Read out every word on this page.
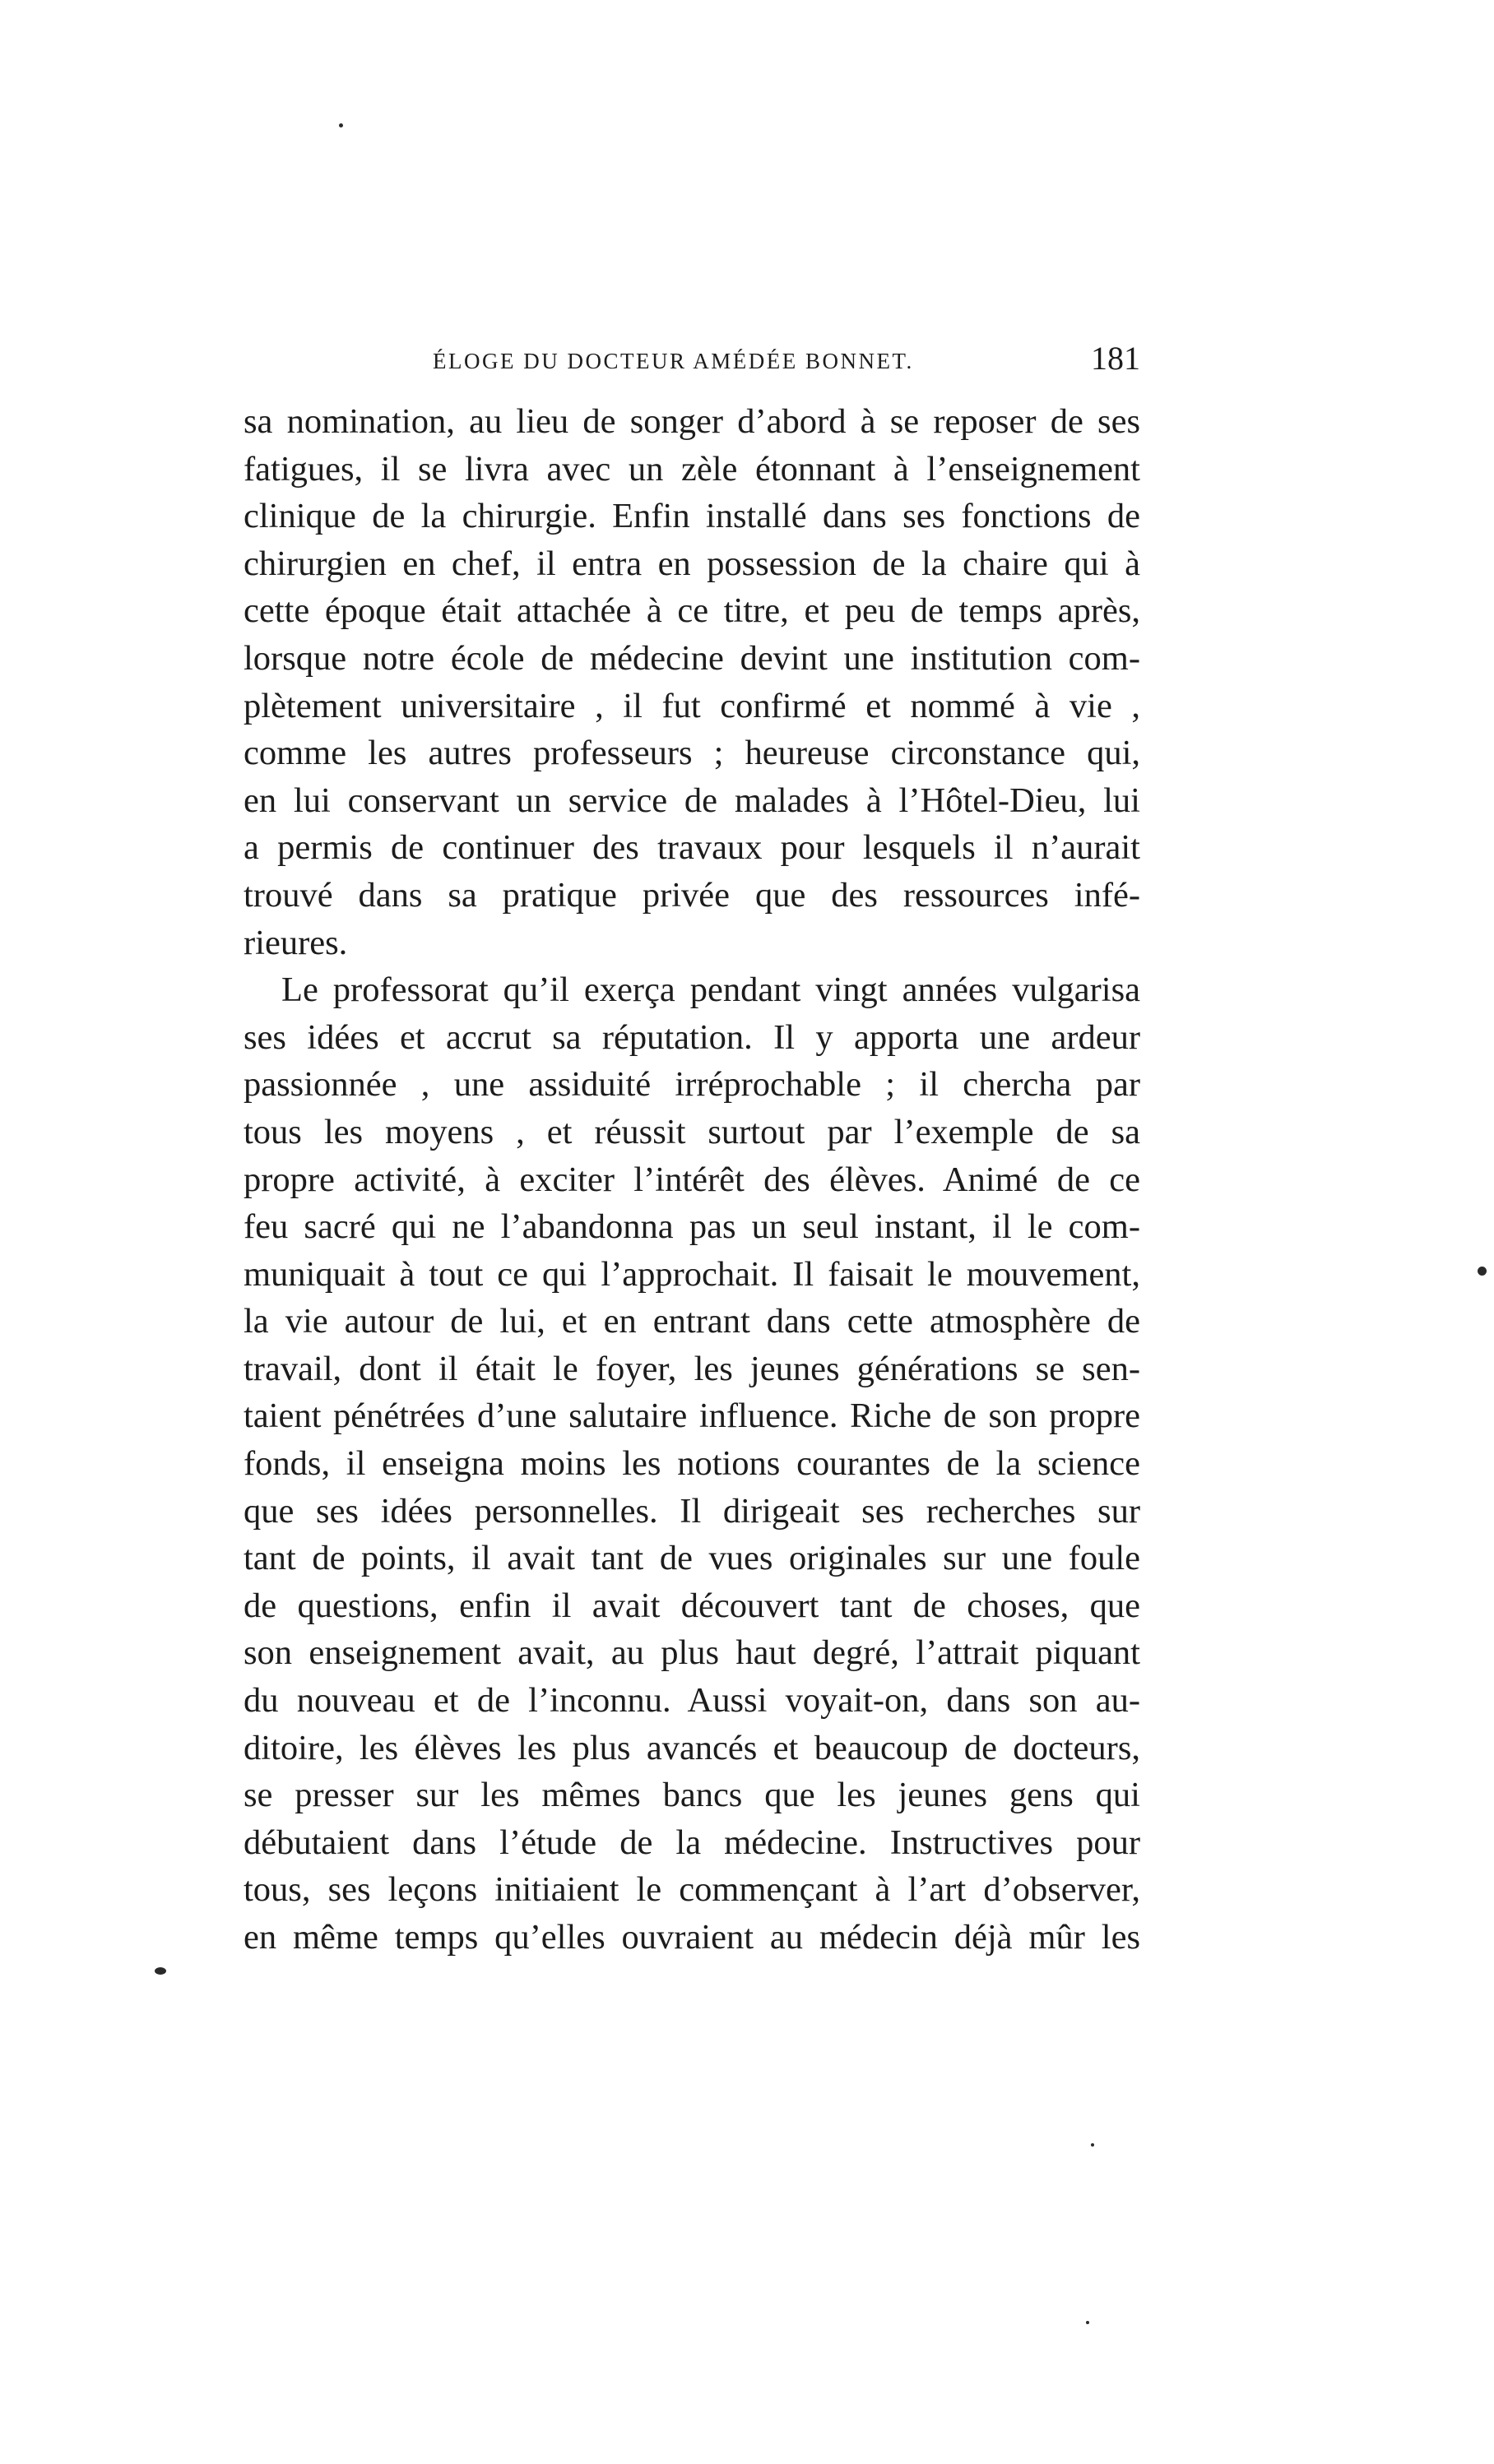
ÉLOGE DU DOCTEUR AMÉDÉE BONNET.	181
sa nomination, au lieu de songer d’abord à se reposer de ses
fatigues, il se livra avec un zèle étonnant à l’enseignement
clinique de la chirurgie. Enfin installé dans ses fonctions de
chirurgien en chef, il entra en possession de la chaire qui à
cette époque était attachée à ce titre, et peu de temps après,
lorsque notre école de médecine devint une institution com-
plètement universitaire , il fut confirmé et nommé à vie ,
comme les autres professeurs ; heureuse circonstance qui,
en lui conservant un service de malades à l’Hôtel-Dieu, lui
a permis de continuer des travaux pour lesquels il n’aurait
trouvé dans sa pratique privée que des ressources infé-
rieures.
Le professorat qu’il exerça pendant vingt années vulgarisa
ses idées et accrut sa réputation. Il y apporta une ardeur
passionnée , une assiduité irréprochable ; il chercha par
tous les moyens , et réussit surtout par l’exemple de sa
propre activité, à exciter l’intérêt des élèves. Animé de ce
feu sacré qui ne l’abandonna pas un seul instant, il le com-
muniquait à tout ce qui l’approchait. Il faisait le mouvement,
la vie autour de lui, et en entrant dans cette atmosphère de
travail, dont il était le foyer, les jeunes générations se sen-
taient pénétrées d’une salutaire influence. Riche de son propre
fonds, il enseigna moins les notions courantes de la science
que ses idées personnelles. Il dirigeait ses recherches sur
tant de points, il avait tant de vues originales sur une foule
de questions, enfin il avait découvert tant de choses, que
son enseignement avait, au plus haut degré, l’attrait piquant
du nouveau et de l’inconnu. Aussi voyait-on, dans son au-
ditoire, les élèves les plus avancés et beaucoup de docteurs,
se presser sur les mêmes bancs que les jeunes gens qui
débutaient dans l’étude de la médecine. Instructives pour
tous, ses leçons initiaient le commençant à l’art d’observer,
en même temps qu’elles ouvraient au médecin déjà mûr les
